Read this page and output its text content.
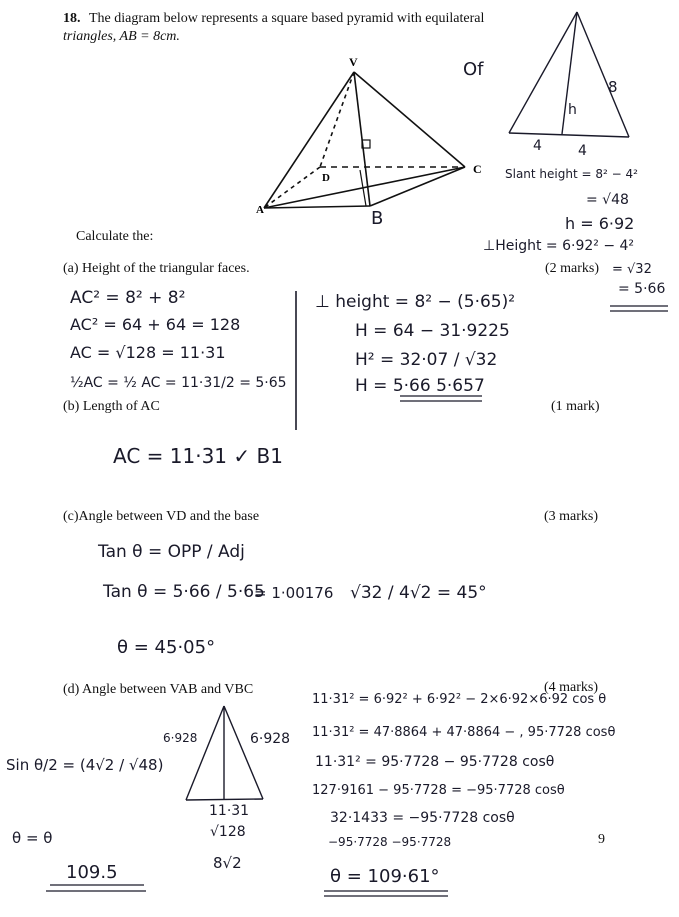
18. The diagram below represents a square based pyramid with equilateral
triangles, AB = 8cm.
Calculate the:
(a) Height of the triangular faces.	(2 marks)
(b) Length of AC	(1 mark)
(c)Angle between VD and the base	(3 marks)
(d) Angle between VAB and VBC	(4 marks)
9
V
C
D
A	B
Of
8
h
4	4
Slant height = 8² − 4²
= √48
h = 6·92
⊥Height = 6·92² − 4²
= √32
= 5·66
AC² = 8² + 8²
AC² = 64 + 64 = 128
AC = √128 = 11·31
½AC = ½ AC = 11·31/2 = 5·65
⊥ height = 8² − (5·65)²
H = 64 − 31·9225
H² = 32·07 / √32
H = 5·66 5·657
AC = 11·31 ✓ B1
Tan θ = OPP / Adj
Tan θ = 5·66 / 5·65
= 1·00176 √32 / 4√2 = 45°
θ = 45·05°
11·31² = 6·92² + 6·92² − 2×6·92×6·92 cos θ
11·31² = 47·8864 + 47·8864 − , 95·7728 cosθ
11·31² = 95·7728 − 95·7728 cosθ
127·9161 − 95·7728 = −95·7728 cosθ
32·1433 = −95·7728 cosθ
−95·7728 −95·7728
θ = 109·61°
6·928	6·928
11·31
√128
8√2
Sin θ/2 = (4√2 / √48)
θ = θ
109.5
